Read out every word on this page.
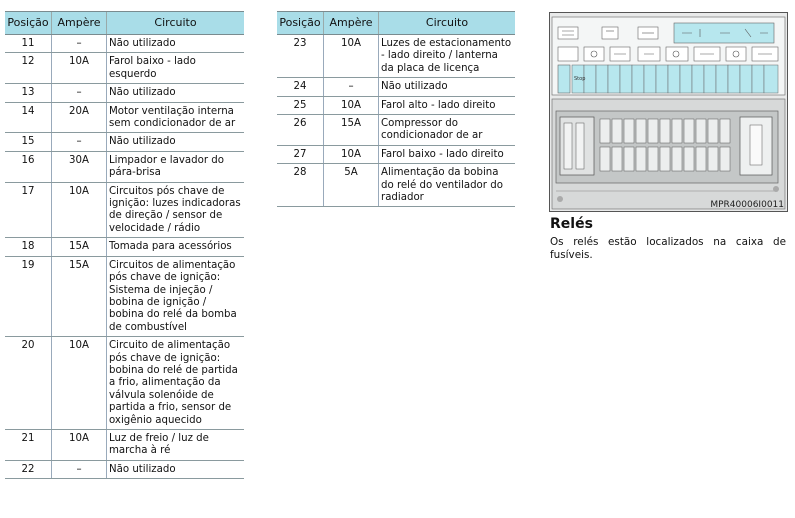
Posição	Ampère	Circuito
11	–	Não utilizado
12	10A	Farol baixo - lado esquerdo
13	–	Não utilizado
14	20A	Motor ventilação interna sem condicionador de ar
15	–	Não utilizado
16	30A	Limpador e lavador do pára-brisa
17	10A	Circuitos pós chave de ignição: luzes indicadoras de direção / sensor de velocidade / rádio
18	15A	Tomada para acessórios
19	15A	Circuitos de alimentação pós chave de ignição: Sistema de injeção / bobina de ignição / bobina do relé da bomba de combustível
20	10A	Circuito de alimentação pós chave de ignição: bobina do relé de partida a frio, alimentação da válvula solenóide de partida a frio, sensor de oxigênio aquecido
21	10A	Luz de freio / luz de marcha à ré
22	–	Não utilizado
Posição	Ampère	Circuito
23	10A	Luzes de estacionamento - lado direito / lanterna da placa de licença
24	–	Não utilizado
25	10A	Farol alto - lado direito
26	15A	Compressor do condicionador de ar
27	10A	Farol baixo - lado direito
28	5A	Alimentação da bobina do relé do ventilador do radiador
Stop
MPR40006I0011
Relés
Os relés estão localizados na caixa de fusíveis.
